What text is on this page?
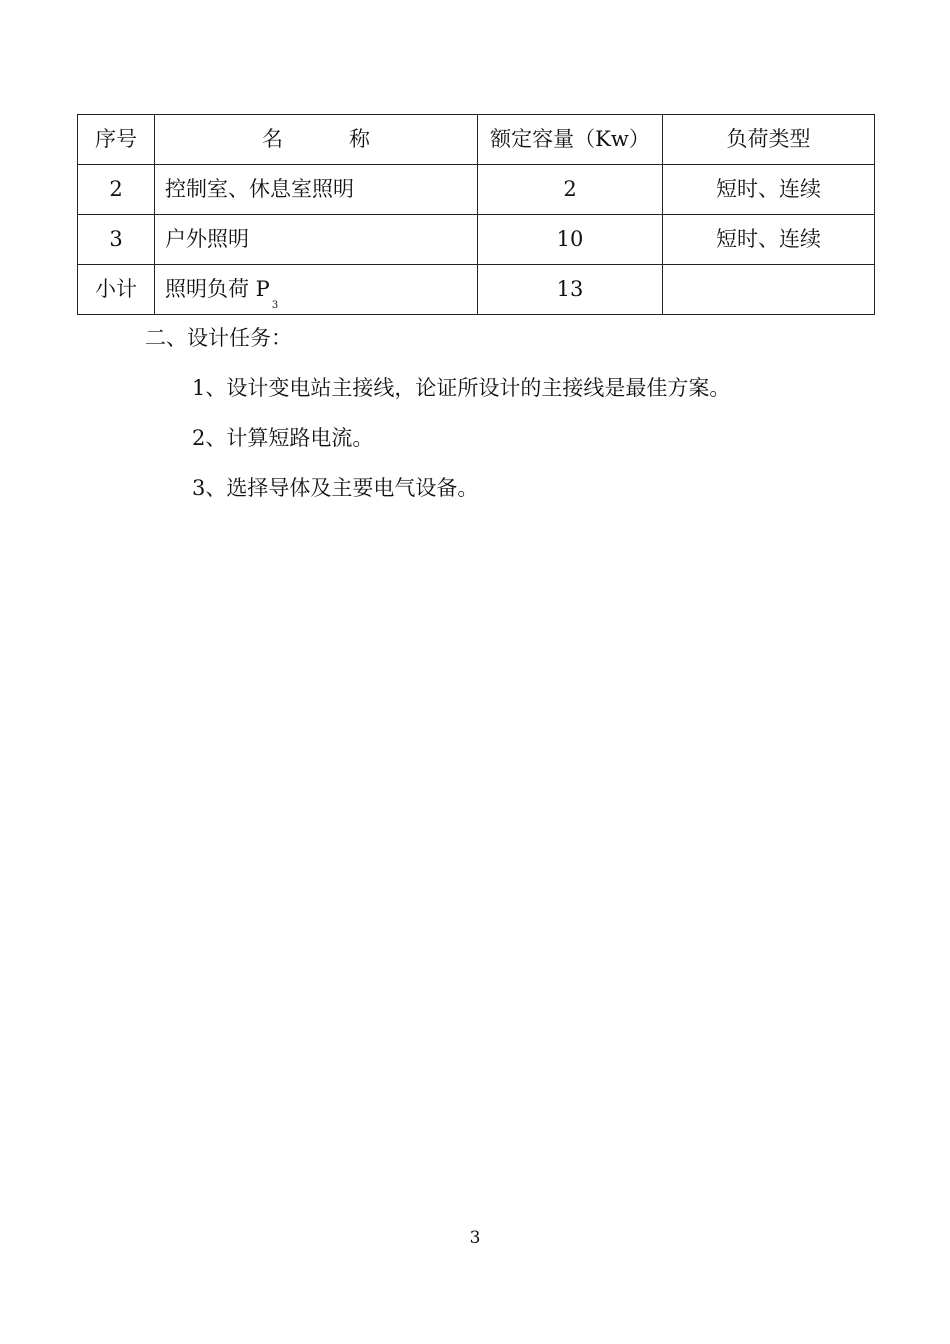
序号	名 称	额定容量（Kw）	负荷类型
2	控制室、休息室照明	2	短时、连续
3	户外照明	10	短时、连续
小计	照明负荷 $P_3$	13	
二、设计任务：
1、设计变电站主接线，论证所设计的主接线是最佳方案。
2、计算短路电流。
3、选择导体及主要电气设备。
3
